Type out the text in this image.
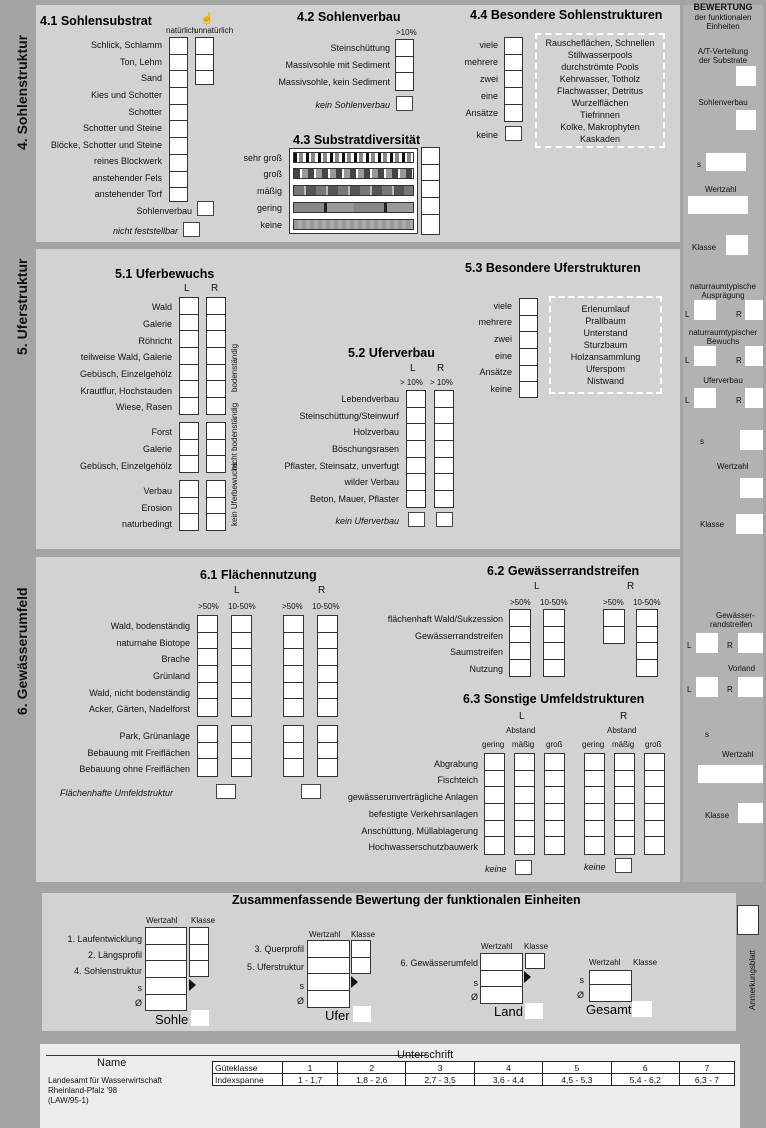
4. Sohlenstruktur
5. Uferstruktur
6. Gewässerumfeld
4.1 Sohlensubstrat	☝
natürlich
unnatürlich
Schlick, Schlamm
Ton, Lehm
Sand
Kies und Schotter
Schotter
Schotter und Steine
Blöcke, Schotter und Steine
reines Blockwerk
anstehender Fels
anstehender Torf
Sohlenverbau
nicht feststellbar
4.2 Sohlenverbau
>10%
Steinschüttung
Massivsohle mit Sediment
Massivsohle, kein Sediment
kein Sohlenverbau
4.3 Substratdiversität
sehr groß
groß
mäßig
gering
keine
4.4 Besondere Sohlenstrukturen
viele
mehrere
zwei
eine
Ansätze
keine
Rauscheflächen, Schnellen
Stillwasserpools
durchströmte Pools
Kehrwasser, Totholz
Flachwasser, Detritus
Tiefrinnen
Wurzelflächen
Kolke, Makrophyten
Kaskaden
BEWERTUNG
der funktionalen
Einheiten
A/T-Verteilung
der Substrate
Sohlenverbau
s
Wertzahl
Klasse
naturraumtypische
Ausprägung
L	R
naturraumtypischer
Bewuchs
L	R
Uferverbau
L	R
s
Wertzahl
Klasse
Gewässer-
randstreifen
L	R
Vorland
L	R
s
Wertzahl
Klasse
5.1 Uferbewuchs
L R
Wald
Galerie
Röhricht
teilweise Wald, Galerie
Gebüsch, Einzelgehölz
Krautflur, Hochstauden
Wiese, Rasen
bodenständig
Forst
Galerie
Gebüsch, Einzelgehölz	nicht bodenständig
Verbau
Erosion
naturbedingt	kein Uferbewuchs
5.2 Uferverbau
L R
> 10% > 10%
Lebendverbau
Steinschüttung/Steinwurf
Holzverbau
Böschungsrasen
Pflaster, Steinsatz, unverfugt
wilder Verbau
Beton, Mauer, Pflaster
kein Uferverbau
5.3 Besondere Uferstrukturen
viele
mehrere
zwei
eine
Ansätze
keine
Erlenumlauf
Prallbaum
Unterstand
Sturzbaum
Holzansammlung
Uferspom
Nistwand
6.1 Flächennutzung
L	R
>50% 10-50%	>50% 10-50%
Wald, bodenständig
naturnahe Biotope
Brache
Grünland
Wald, nicht bodenständig
Acker, Gärten, Nadelforst
Park, Grünanlage
Bebauung mit Freiflächen
Bebauung ohne Freiflächen
Flächenhafte Umfeldstruktur
6.2 Gewässerrandstreifen
L	R
>50% 10-50%	>50% 10-50%
flächenhaft Wald/Sukzession
Gewässerrandstreifen
Saumstreifen
Nutzung
6.3 Sonstige Umfeldstrukturen
L	R
Abstand	Abstand
gering mäßig groß gering mäßig groß
Abgrabung
Fischteich
gewässerunverträgliche Anlagen
befestigte Verkehrsanlagen
Anschüttung, Müllablagerung
Hochwasserschutzbauwerk
keine	keine
Zusammenfassende Bewertung der funktionalen Einheiten
Wertzahl Klasse
1. Laufentwicklung
2. Längsprofil
4. Sohlenstruktur
s
Ø
Sohle
Wertzahl Klasse
3. Querprofil
5. Uferstruktur
s
Ø
Ufer
Wertzahl Klasse
6. Gewässerumfeld
s
Ø
Land
Wertzahl Klasse
s
Ø
Gesamt	Anmerkungsblatt
Name
Unterschrift
Landesamt für Wasserwirtschaft
Rheinland-Pfalz '98
(LAW/95-1)
Güteklasse	1	2	3	4	5	6	7
Indexspanne	1 - 1,7	1,8 - 2,6	2,7 - 3,5	3,6 - 4,4	4,5 - 5,3	5,4 - 6,2	6,3 - 7
